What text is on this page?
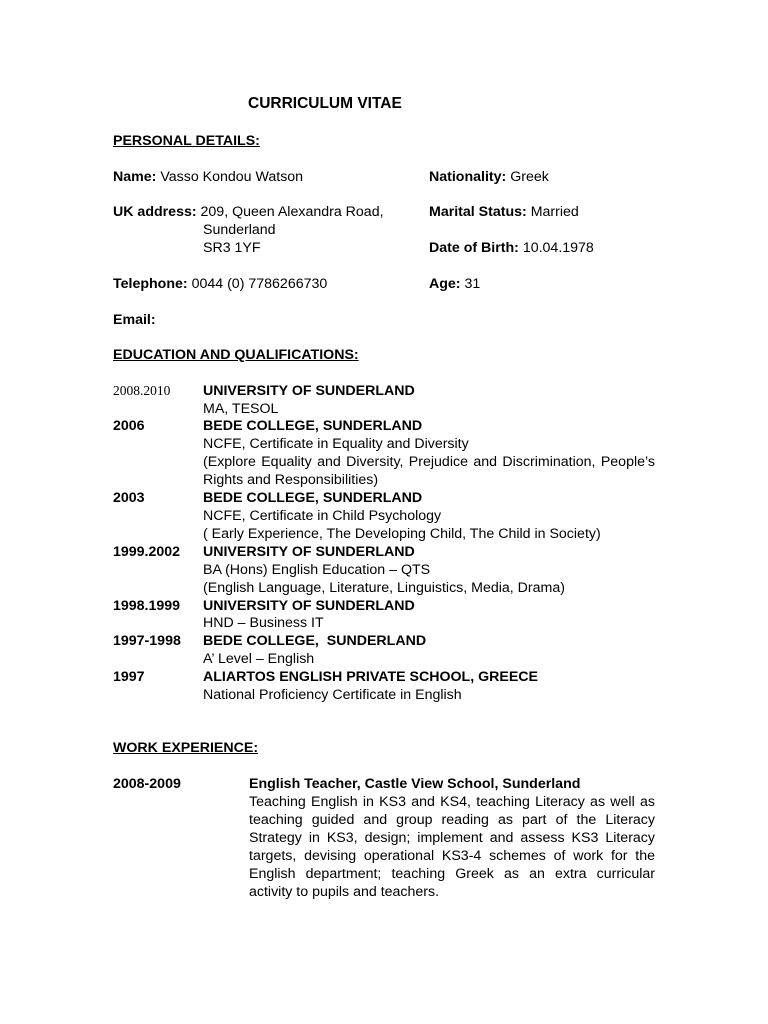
CURRICULUM VITAE
PERSONAL DETAILS:
Name: Vasso Kondou Watson	Nationality: Greek
UK address: 209, Queen Alexandra Road,
Sunderland
SR3 1YF
Marital Status: Married
Date of Birth: 10.04.1978
Telephone: 0044 (0) 7786266730	Age: 31
Email:
EDUCATION AND QUALIFICATIONS:
2008.2010 UNIVERSITY OF SUNDERLAND
MA, TESOL
2006	BEDE COLLEGE, SUNDERLAND
NCFE, Certificate in Equality and Diversity
(Explore Equality and Diversity, Prejudice and Discrimination, People’s Rights and Responsibilities)
2003	BEDE COLLEGE, SUNDERLAND
NCFE, Certificate in Child Psychology
( Early Experience, The Developing Child, The Child in Society)
1999.2002 UNIVERSITY OF SUNDERLAND
BA (Hons) English Education – QTS
(English Language, Literature, Linguistics, Media, Drama)
1998.1999 UNIVERSITY OF SUNDERLAND
HND – Business IT
1997-1998 BEDE COLLEGE,  SUNDERLAND
A’ Level – English
1997	ALIARTOS ENGLISH PRIVATE SCHOOL, GREECE
National Proficiency Certificate in English
WORK EXPERIENCE:
2008-2009	English Teacher, Castle View School, Sunderland
Teaching English in KS3 and KS4, teaching Literacy as well as teaching guided and group reading as part of the Literacy Strategy in KS3, design; implement and assess KS3 Literacy targets, devising operational KS3-4 schemes of work for the English department; teaching Greek as an extra curricular activity to pupils and teachers.
